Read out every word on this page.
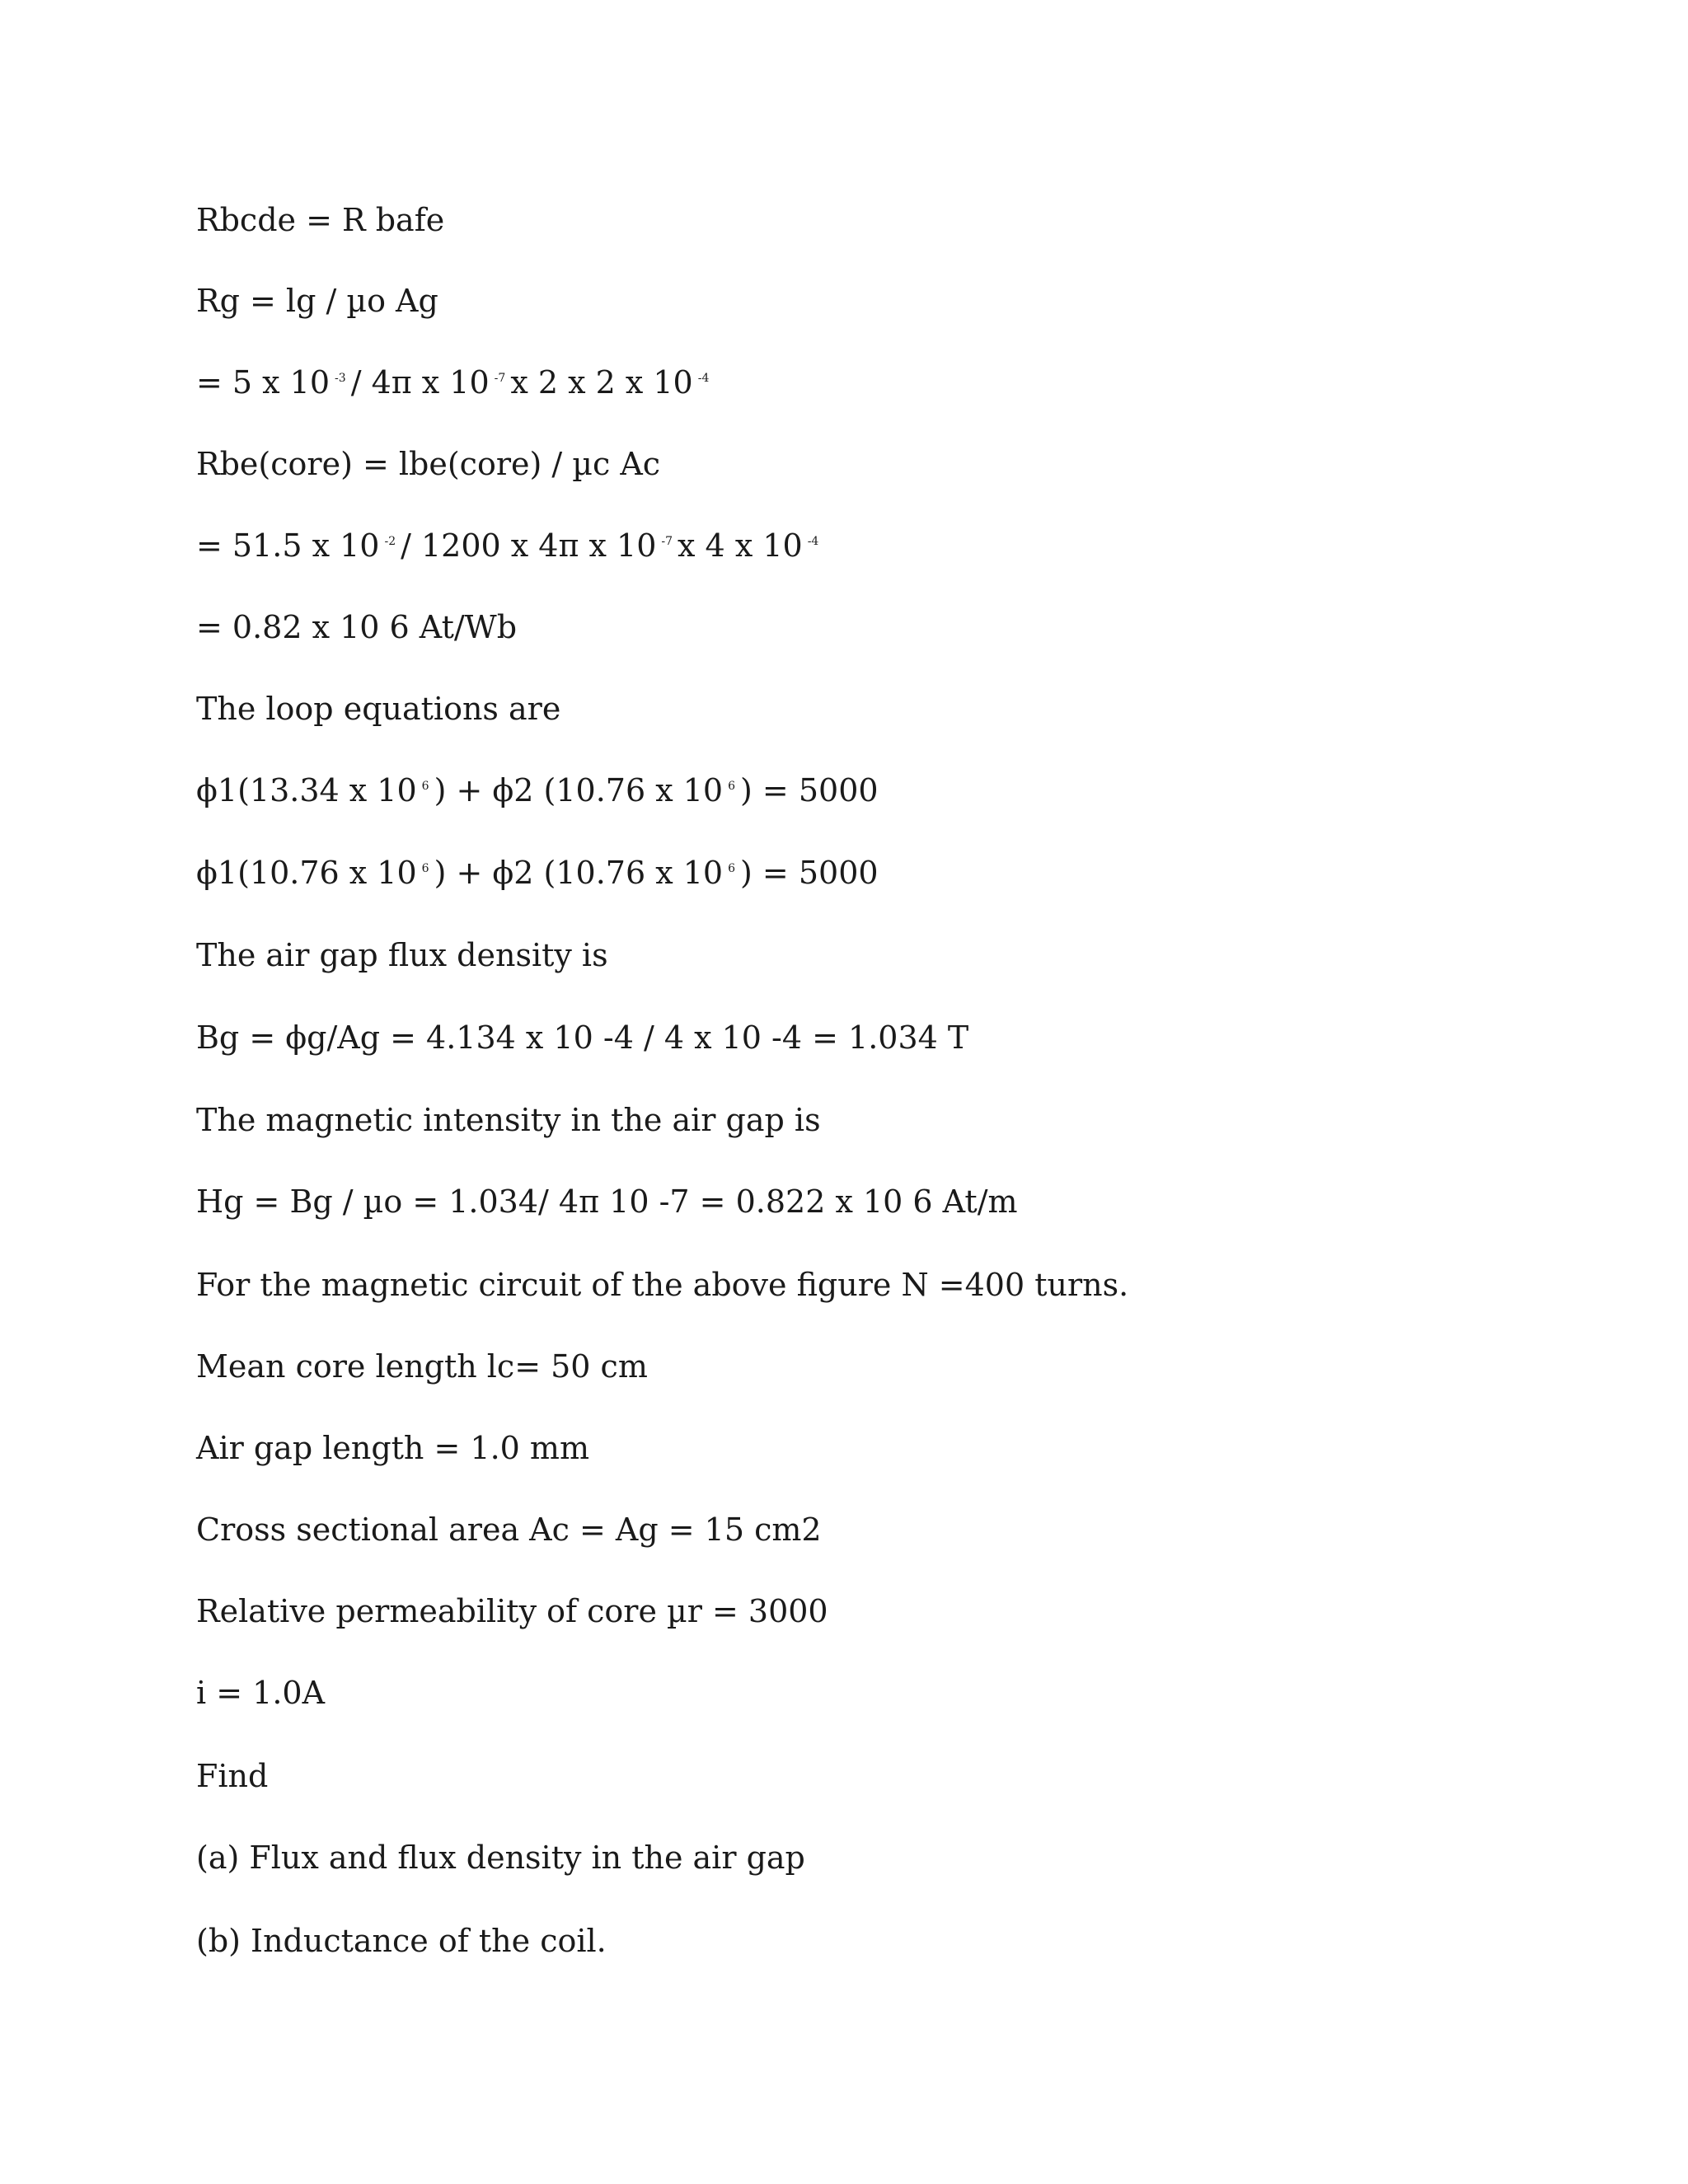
Rbcde = R bafe
Rg = lg / µo Ag
= 5 x 10 $^{-3}$ / 4π x 10 $^{-7}$ x 2 x 2 x 10 $^{-4}$
Rbe(core) = lbe(core) / µc Ac
= 51.5 x 10 $^{-2}$ / 1200 x 4π x 10 $^{-7}$ x 4 x 10 $^{-4}$
= 0.82 x 10 6 At/Wb
The loop equations are
ϕ1(13.34 x 10 $^6$ ) + ϕ2 (10.76 x 10 $^6$ ) = 5000
ϕ1(10.76 x 10 $^6$ ) + ϕ2 (10.76 x 10 $^6$ ) = 5000
The air gap flux density is
Bg = ϕg/Ag = 4.134 x 10 -4 / 4 x 10 -4 = 1.034 T
The magnetic intensity in the air gap is
Hg = Bg / µo = 1.034/ 4π 10 -7 = 0.822 x 10 6 At/m
For the magnetic circuit of the above figure N =400 turns.
Mean core length lc= 50 cm
Air gap length = 1.0 mm
Cross sectional area Ac = Ag = 15 cm2
Relative permeability of core µr = 3000
i = 1.0A
Find
(a) Flux and flux density in the air gap
(b) Inductance of the coil.
